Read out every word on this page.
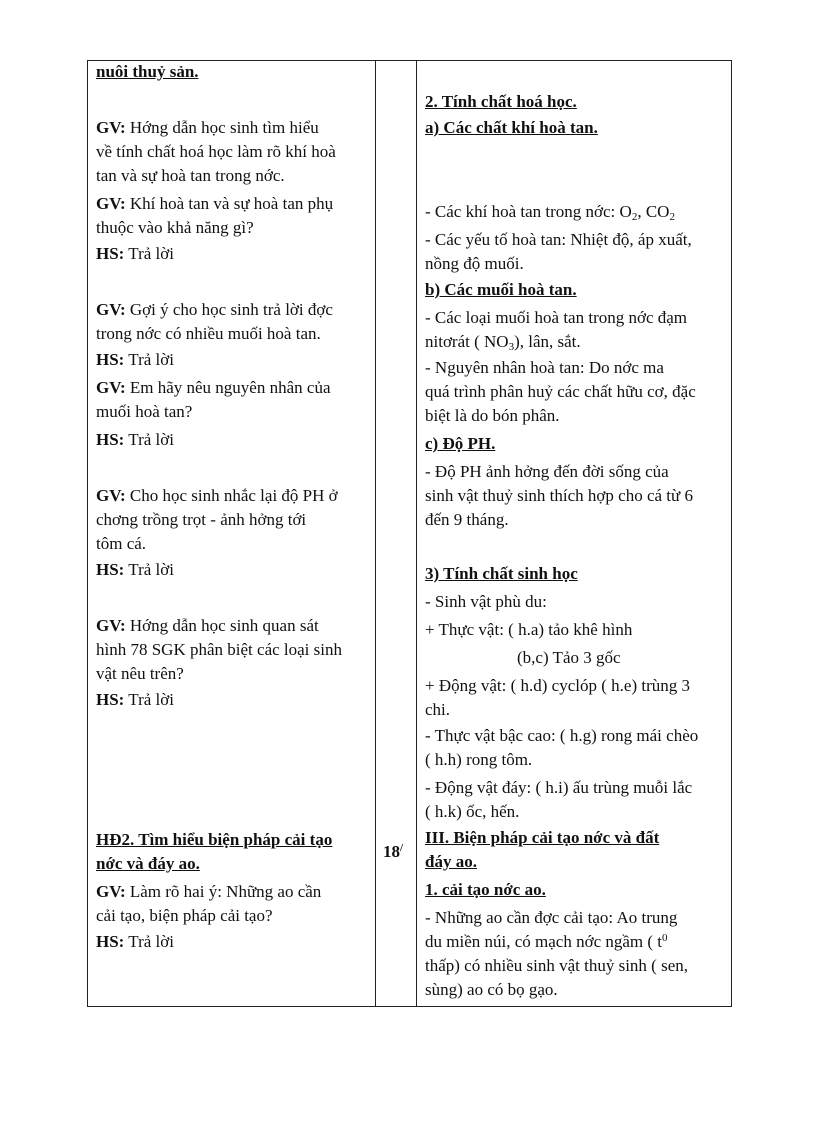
nuôi thuỷ sản.
GV: Hớng dẫn học sinh tìm hiểu
về tính chất hoá học làm rõ khí hoà
tan và sự hoà tan trong nớc.
GV: Khí hoà tan và sự hoà tan phụ
thuộc vào khả năng gì?
HS: Trả lời
GV: Gợi ý cho học sinh trả lời đợc
trong nớc có nhiều muối hoà tan.
HS: Trả lời
GV: Em hãy nêu nguyên nhân của
muối hoà tan?
HS: Trả lời
GV: Cho học sinh nhắc lại độ PH ở
chơng trồng trọt - ảnh hởng tới
tôm cá.
HS: Trả lời
GV: Hớng dẫn học sinh quan sát
hình 78 SGK phân biệt các loại sinh
vật nêu trên?
HS: Trả lời
HĐ2. Tìm hiểu biện pháp cải tạo
nớc và đáy ao.
GV: Làm rõ hai ý: Những ao cần
cải tạo, biện pháp cải tạo?
HS: Trả lời
18/
2. Tính chất hoá học.
a) Các chất khí hoà tan.
- Các khí hoà tan trong nớc: $O_2$, $CO_2$
- Các yếu tố hoà tan: Nhiệt độ, áp xuất,
nồng độ muối.
b) Các muối hoà tan.
- Các loại muối hoà tan trong nớc đạm
nitơrát ( $NO_3$), lân, sắt.
- Nguyên nhân hoà tan: Do nớc ma
quá trình phân huỷ các chất hữu cơ, đặc
biệt là do bón phân.
c) Độ PH.
- Độ PH ảnh hởng đến đời sống của
sinh vật thuỷ sinh thích hợp cho cá từ 6
đến 9 tháng.
3) Tính chất sinh học
- Sinh vật phù du:
+ Thực vật: ( h.a) tảo khê hình
(b,c) Tảo 3 gốc
+ Động vật: ( h.d) cyclóp ( h.e) trùng 3
chi.
- Thực vật bậc cao: ( h.g) rong mái chèo
( h.h) rong tôm.
- Động vật đáy: ( h.i) ấu trùng muỗi lắc
( h.k) ốc, hến.
III. Biện pháp cải tạo nớc và đất
đáy ao.
1. cải tạo nớc ao.
- Những ao cần đợc cải tạo: Ao trung
du miền núi, có mạch nớc ngầm ( $t^0$
thấp) có nhiều sinh vật thuỷ sinh ( sen,
sùng) ao có bọ gạo.
